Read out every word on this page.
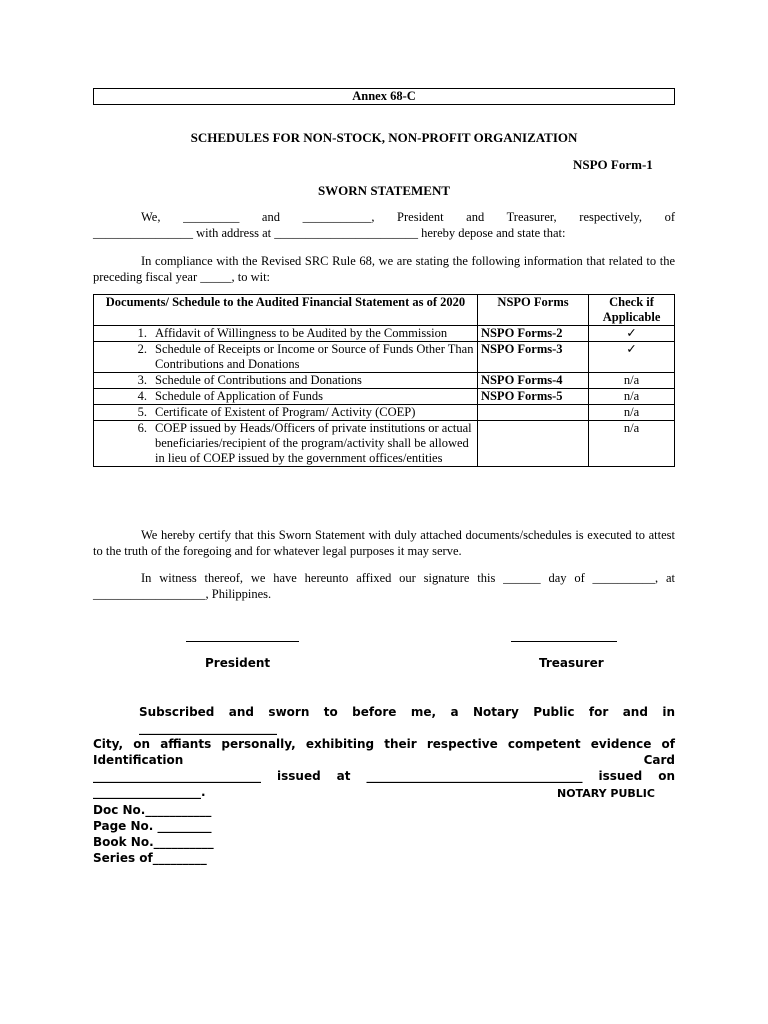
Annex 68-C
SCHEDULES FOR NON-STOCK, NON-PROFIT ORGANIZATION
NSPO Form-1
SWORN STATEMENT
We, _________ and ___________, President and Treasurer, respectively, of
________________ with address at _______________________ hereby depose and state that:
In compliance with the Revised SRC Rule 68, we are stating the following information that related to the preceding fiscal year _____, to wit:
Documents/ Schedule to the Audited Financial Statement as of 2020	NSPO Forms	Check if Applicable

1. Affidavit of Willingness to be Audited by the Commission	NSPO Forms-2	✓

2. Schedule of Receipts or Income or Source of Funds Other Than Contributions and Donations	NSPO Forms-3	✓

3. Schedule of Contributions and Donations	NSPO Forms-4	n/a

4. Schedule of Application of Funds	NSPO Forms-5	n/a

5. Certificate of Existent of Program/ Activity (COEP)		n/a

6. COEP issued by Heads/Officers of private institutions or actual beneficiaries/recipient of the program/activity shall be allowed in lieu of COEP issued by the government offices/entities		n/a
We hereby certify that this Sworn Statement with duly attached documents/schedules is executed to attest to the truth of the foregoing and for whatever legal purposes it may serve.
In witness thereof, we have hereunto affixed our signature this ______ day of __________, at
__________________, Philippines.
President	Treasurer
Subscribed and sworn to before me, a Notary Public for and in _______________________
City, on affiants personally, exhibiting their respective competent evidence of Identification Card
____________________________ issued at ____________________________________ issued on
__________________.	NOTARY PUBLIC
Doc No.___________
Page No. _________
Book No.__________
Series of_________
